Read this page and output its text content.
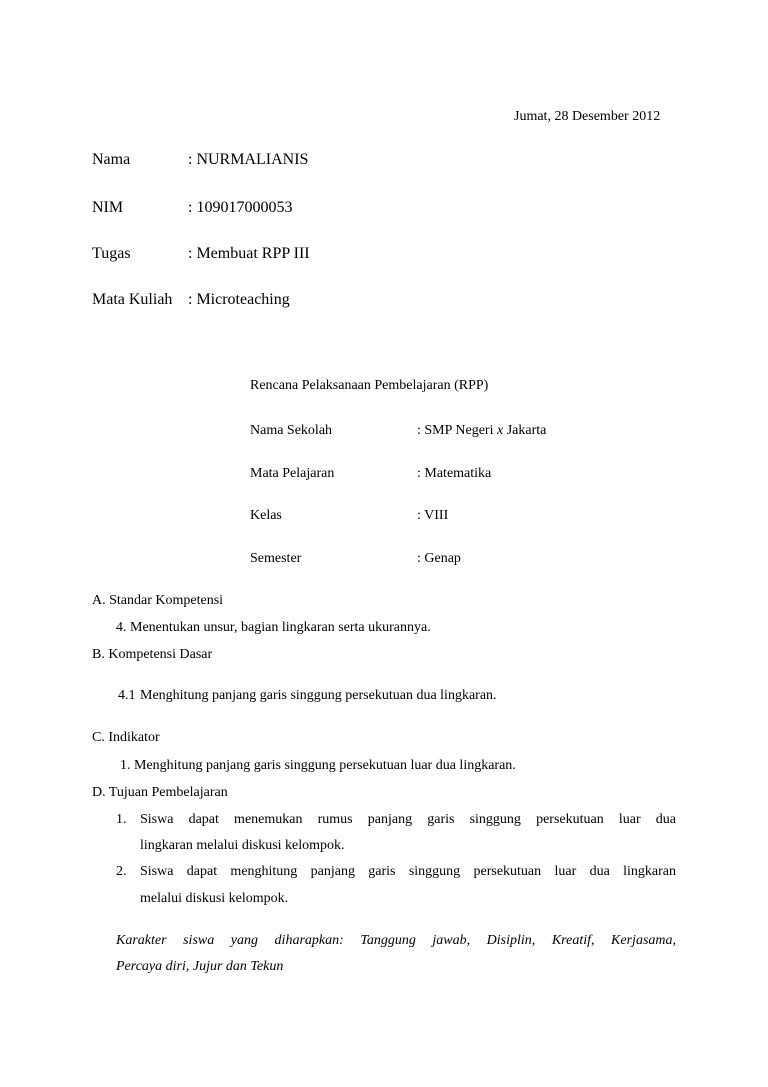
Jumat, 28 Desember 2012
Nama	: NURMALIANIS
NIM	: 109017000053
Tugas	: Membuat RPP III
Mata Kuliah : Microteaching
Rencana Pelaksanaan Pembelajaran (RPP)
Nama Sekolah	: SMP Negeri x Jakarta
Mata Pelajaran	: Matematika
Kelas	: VIII
Semester	: Genap
A. Standar Kompetensi
4. Menentukan unsur, bagian lingkaran serta ukurannya.
B. Kompetensi Dasar
4.1 Menghitung panjang garis singgung persekutuan dua lingkaran.
C. Indikator
1. Menghitung panjang garis singgung persekutuan luar dua lingkaran.
D. Tujuan Pembelajaran
1. Siswa dapat menemukan rumus panjang garis singgung persekutuan luar dua
lingkaran melalui diskusi kelompok.
2. Siswa dapat menghitung panjang garis singgung persekutuan luar dua lingkaran
melalui diskusi kelompok.
Karakter siswa yang diharapkan: Tanggung jawab, Disiplin, Kreatif, Kerjasama,
Percaya diri, Jujur dan Tekun
